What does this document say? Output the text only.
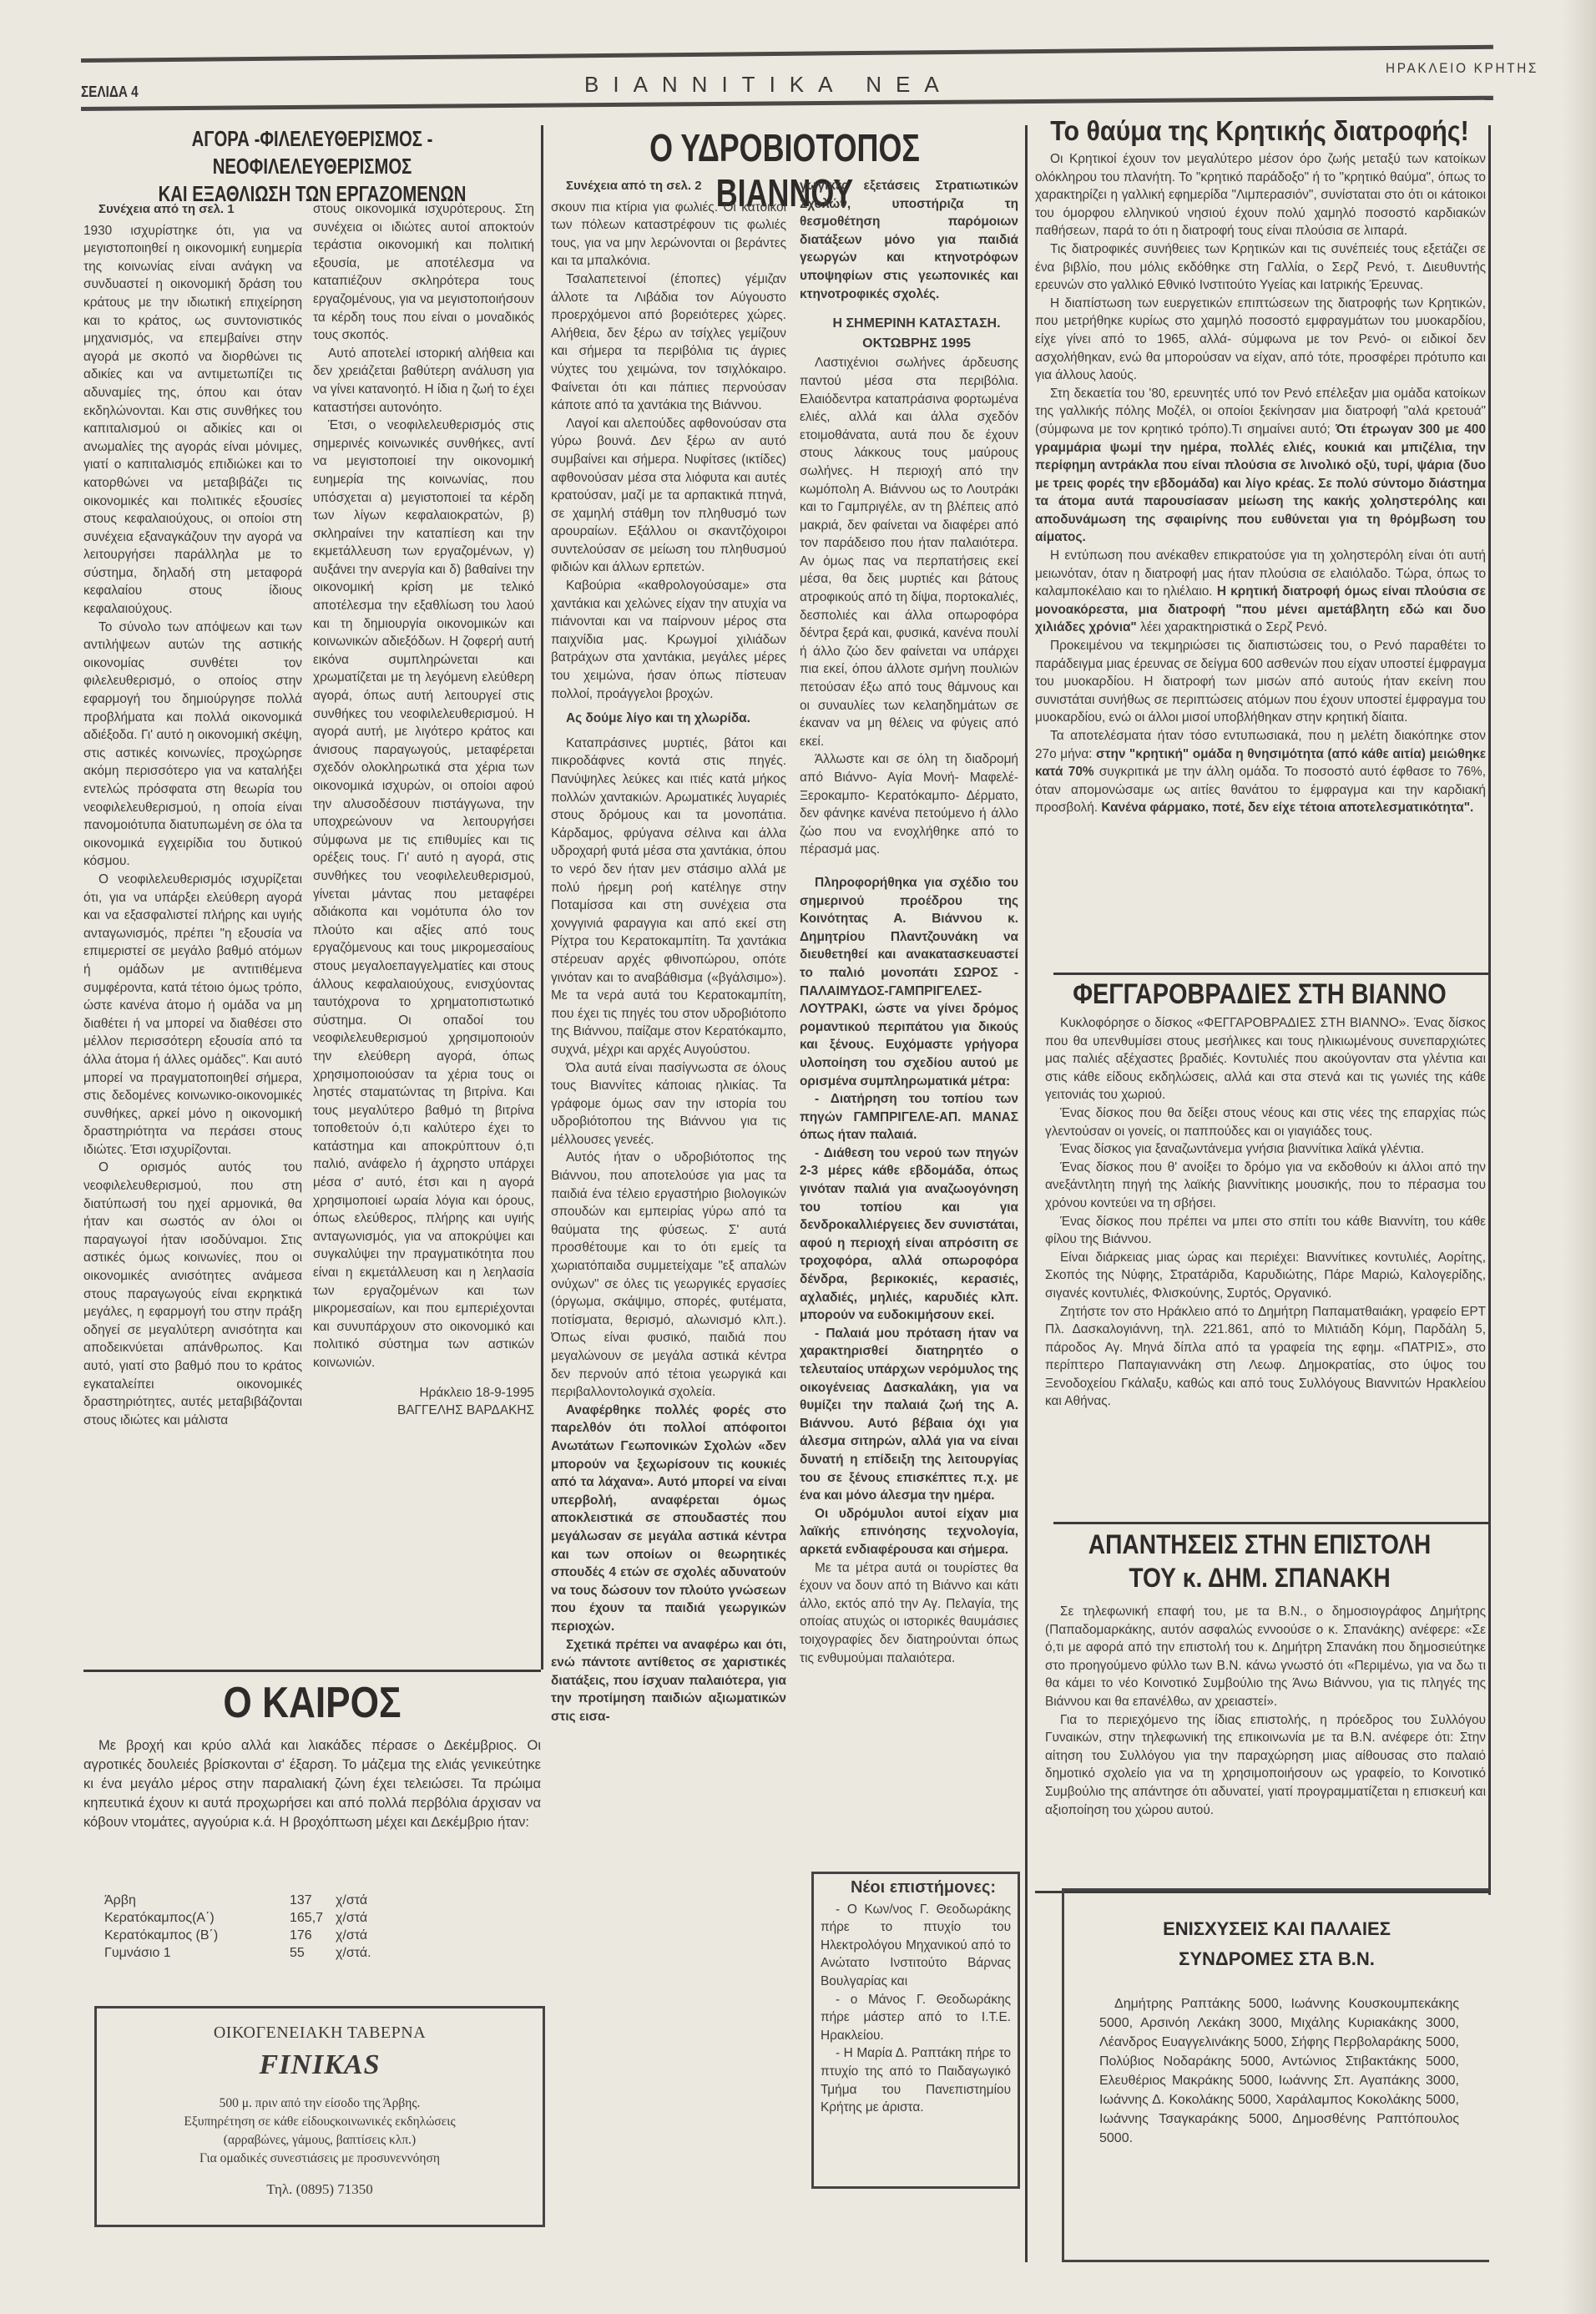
ΣΕΛΙΔΑ 4	ΒΙΑΝΝΙΤΙΚΑ ΝΕΑ
ΗΡΑΚΛΕΙΟ ΚΡΗΤΗΣ
ΑΓΟΡΑ -ΦΙΛΕΛΕΥΘΕΡΙΣΜΟΣ - ΝΕΟΦΙΛΕΛΕΥΘΕΡΙΣΜΟΣ
ΚΑΙ ΕΞΑΘΛΙΩΣΗ ΤΩΝ ΕΡΓΑΖΟΜΕΝΩΝ

Συνέχεια από τη σελ. 1

1930 ισχυρίστηκε ότι, για να μεγιστοποιηθεί η οικονομική ευημερία της κοινωνίας είναι ανάγκη να συνδυαστεί η οικονομική δράση του κράτους με την ιδιωτική επιχείρηση και το κράτος, ως συντονιστικός μηχανισμός, να επεμβαίνει στην αγορά με σκοπό να διορθώνει τις αδικίες και να αντιμετωπίζει τις αδυναμίες της, όπου και όταν εκδηλώνονται. Και στις συνθήκες του καπιταλισμού οι αδικίες και οι ανωμαλίες της αγοράς είναι μόνιμες, γιατί ο καπιταλισμός επιδιώκει και το κατορθώνει να μεταβιβάζει τις οικονομικές και πολιτικές εξουσίες στους κεφαλαιούχους, οι οποίοι στη συνέχεια εξαναγκάζουν την αγορά να λειτουργήσει παράλληλα με το σύστημα, δηλαδή στη μεταφορά κεφαλαίου στους ίδιους κεφαλαιούχους.

Το σύνολο των απόψεων και των αντιλήψεων αυτών της αστικής οικονομίας συνθέτει τον φιλελευθερισμό, ο οποίος στην εφαρμογή του δημιούργησε πολλά προβλήματα και πολλά οικονομικά αδιέξοδα. Γι' αυτό η οικονομική σκέψη, στις αστικές κοινωνίες, προχώρησε ακόμη περισσότερο για να καταλήξει εντελώς πρόσφατα στη θεωρία του νεοφιλελευθερισμού, η οποία είναι πανομοιότυπα διατυπωμένη σε όλα τα οικονομικά εγχειρίδια του δυτικού κόσμου.

Ο νεοφιλελευθερισμός ισχυρίζεται ότι, για να υπάρξει ελεύθερη αγορά και να εξασφαλιστεί πλήρης και υγιής ανταγωνισμός, πρέπει "η εξουσία να επιμεριστεί σε μεγάλο βαθμό ατόμων ή ομάδων με αντιτιθέμενα συμφέροντα, κατά τέτοιο όμως τρόπο, ώστε κανένα άτομο ή ομάδα να μη διαθέτει ή να μπορεί να διαθέσει στο μέλλον περισσότερη εξουσία από τα άλλα άτομα ή άλλες ομάδες". Και αυτό μπορεί να πραγματοποιηθεί σήμερα, στις δεδομένες κοινωνικο-οικονομικές συνθήκες, αρκεί μόνο η οικονομική δραστηριότητα να περάσει στους ιδιώτες. Έτσι ισχυρίζονται.

Ο ορισμός αυτός του νεοφιλελευθερισμού, που στη διατύπωσή του ηχεί αρμονικά, θα ήταν και σωστός αν όλοι οι παραγωγοί ήταν ισοδύναμοι. Στις αστικές όμως κοινωνίες, που οι οικονομικές ανισότητες ανάμεσα στους παραγωγούς είναι εκρηκτικά μεγάλες, η εφαρμογή του στην πράξη οδηγεί σε μεγαλύτερη ανισότητα και αποδεικνύεται απάνθρωπος. Και αυτό, γιατί στο βαθμό που το κράτος εγκαταλείπει οικονομικές δραστηριότητες, αυτές μεταβιβάζονται στους ιδιώτες και μάλιστα

στους οικονομικά ισχυρότερους. Στη συνέχεια οι ιδιώτες αυτοί αποκτούν τεράστια οικονομική και πολιτική εξουσία, με αποτέλεσμα να καταπιέζουν σκληρότερα τους εργαζομένους, για να μεγιστοποιήσουν τα κέρδη τους που είναι ο μοναδικός τους σκοπός.

Αυτό αποτελεί ιστορική αλήθεια και δεν χρειάζεται βαθύτερη ανάλυση για να γίνει κατανοητό. Η ίδια η ζωή το έχει καταστήσει αυτονόητο.

Έτσι, ο νεοφιλελευθερισμός στις σημερινές κοινωνικές συνθήκες, αντί να μεγιστοποιεί την οικονομική ευημερία της κοινωνίας, που υπόσχεται α) μεγιστοποιεί τα κέρδη των λίγων κεφαλαιοκρατών, β) σκληραίνει την καταπίεση και την εκμετάλλευση των εργαζομένων, γ) αυξάνει την ανεργία και δ) βαθαίνει την οικονομική κρίση με τελικό αποτέλεσμα την εξαθλίωση του λαού και τη δημιουργία οικονομικών και κοινωνικών αδιεξόδων. Η ζοφερή αυτή εικόνα συμπληρώνεται και χρωματίζεται με τη λεγόμενη ελεύθερη αγορά, όπως αυτή λειτουργεί στις συνθήκες του νεοφιλελευθερισμού. Η αγορά αυτή, με λιγότερο κράτος και άνισους παραγωγούς, μεταφέρεται σχεδόν ολοκληρωτικά στα χέρια των οικονομικά ισχυρών, οι οποίοι αφού την αλυσοδέσουν πιστάγγωνα, την υποχρεώνουν να λειτουργήσει σύμφωνα με τις επιθυμίες και τις ορέξεις τους. Γι' αυτό η αγορά, στις συνθήκες του νεοφιλελευθερισμού, γίνεται μάντας που μεταφέρει αδιάκοπα και νομότυπα όλο τον πλούτο και αξίες από τους εργαζόμενους και τους μικρομεσαίους στους μεγαλοεπαγγελματίες και στους άλλους κεφαλαιούχους, ενισχύοντας ταυτόχρονα το χρηματοπιστωτικό σύστημα. Οι οπαδοί του νεοφιλελευθερισμού χρησιμοποιούν την ελεύθερη αγορά, όπως χρησιμοποιούσαν τα χέρια τους οι ληστές σταματώντας τη βιτρίνα. Και τους μεγαλύτερο βαθμό τη βιτρίνα τοποθετούν ό,τι καλύτερο έχει το κατάστημα και αποκρύπτουν ό,τι παλιό, ανάφελο ή άχρηστο υπάρχει μέσα σ' αυτό, έτσι και η αγορά χρησιμοποιεί ωραία λόγια και όρους, όπως ελεύθερος, πλήρης και υγιής ανταγωνισμός, για να αποκρύψει και συγκαλύψει την πραγματικότητα που είναι η εκμετάλλευση και η λεηλασία των εργαζομένων και των μικρομεσαίων, και που εμπεριέχονται και συνυπάρχουν στο οικονομικό και πολιτικό σύστημα των αστικών κοινωνιών.

Ηράκλειο 18-9-1995

ΒΑΓΓΕΛΗΣ ΒΑΡΔΑΚΗΣ

Ο ΚΑΙΡΟΣ

Με βροχή και κρύο αλλά και λιακάδες πέρασε ο Δεκέμβριος. Οι αγροτικές δουλειές βρίσκονται σ' έξαρση. Το μάζεμα της ελιάς γενικεύτηκε κι ένα μεγάλο μέρος στην παραλιακή ζώνη έχει τελειώσει. Τα πρώιμα κηπευτικά έχουν κι αυτά προχωρήσει και από πολλά περβόλια άρχισαν να κόβουν ντομάτες, αγγούρια κ.ά. Η βροχόπτωση μέχει και Δεκέμβριο ήταν:

Άρβη	137	χ/στά
Κερατόκαμπος(Α΄)	165,7 χ/στά
Κερατόκαμπος (Β΄)	176	χ/στά
Γυμνάσιο 1	55	χ/στά.
ΟΙΚΟΓΕΝΕΙΑΚΗ ΤΑΒΕΡΝΑ
FINIKAS
500 μ. πριν από την είσοδο της Άρβης.
Εξυπηρέτηση σε κάθε είδουςκοινωνικές εκδηλώσεις
(αρραβώνες, γάμους, βαπτίσεις κλπ.)
Για ομαδικές συνεστιάσεις με προσυνεννόηση
Τηλ. (0895) 71350
Ο ΥΔΡΟΒΙΟΤΟΠΟΣ ΒΙΑΝΝΟΥ

Συνέχεια από τη σελ. 2

σκουν πια κτίρια για φωλιές. Οι κάτοικοι των πόλεων καταστρέφουν τις φωλιές τους, για να μην λερώνονται οι βεράντες και τα μπαλκόνια.

Τσαλαπετεινοί (έποπες) γέμιζαν άλλοτε τα Λιβάδια τον Αύγουστο προερχόμενοι από βορειότερες χώρες. Αλήθεια, δεν ξέρω αν τσίχλες γεμίζουν και σήμερα τα περιβόλια τις άγριες νύχτες του χειμώνα, τον τσιχλόκαιρο. Φαίνεται ότι και πάπιες περνούσαν κάποτε από τα χαντάκια της Βιάννου.

Λαγοί και αλεπούδες αφθονούσαν στα γύρω βουνά. Δεν ξέρω αν αυτό συμβαίνει και σήμερα. Νυφίτσες (ικτίδες) αφθονούσαν μέσα στα λιόφυτα και αυτές κρατούσαν, μαζί με τα αρπακτικά πτηνά, σε χαμηλή στάθμη τον πληθυσμό των αρουραίων. Εξάλλου οι σκαντζόχοιροι συντελούσαν σε μείωση του πληθυσμού φιδιών και άλλων ερπετών.

Καβούρια «καθρολογούσαμε» στα χαντάκια και χελώνες είχαν την ατυχία να πιάνονται και να παίρνουν μέρος στα παιχνίδια μας. Κρωγμοί χιλιάδων βατράχων στα χαντάκια, μεγάλες μέρες του χειμώνα, ήσαν όπως πίστευαν πολλοί, προάγγελοι βροχών.

Ας δούμε λίγο και τη χλωρίδα.

Καταπράσινες μυρτιές, βάτοι και πικροδάφνες κοντά στις πηγές. Πανύψηλες λεύκες και ιτιές κατά μήκος πολλών χαντακιών. Αρωματικές λυγαριές στους δρόμους και τα μονοπάτια. Κάρδαμος, φρύγανα σέλινα και άλλα υδροχαρή φυτά μέσα στα χαντάκια, όπου το νερό δεν ήταν μεν στάσιμο αλλά με πολύ ήρεμη ροή κατέληγε στην Ποταμίσσα και στη συνέχεια στα χονγγινιά φαραγγια και από εκεί στη Ρίχτρα του Κερατοκαμπίτη. Τα χαντάκια στέρευαν αρχές φθινοπώρου, οπότε γινόταν και το αναβάθισμα («βγάλσιμο»). Με τα νερά αυτά του Κερατοκαμπίτη, που έχει τις πηγές του στον υδροβιότοπο της Βιάννου, παίζαμε στον Κερατόκαμπο, συχνά, μέχρι και αρχές Αυγούστου.

Όλα αυτά είναι πασίγνωστα σε όλους τους Βιαννίτες κάποιας ηλικίας. Τα γράφομε όμως σαν την ιστορία του υδροβιότοπου της Βιάννου για τις μέλλουσες γενεές.

Αυτός ήταν ο υδροβιότοπος της Βιάννου, που αποτελούσε για μας τα παιδιά ένα τέλειο εργαστήριο βιολογικών σπουδών και εμπειρίας γύρω από τα θαύματα της φύσεως. Σ' αυτά προσθέτουμε και το ότι εμείς τα χωριατόπαιδα συμμετείχαμε "εξ απαλών ονύχων" σε όλες τις γεωργικές εργασίες (όργωμα, σκάψιμο, σπορές, φυτέματα, ποτίσματα, θερισμό, αλωνισμό κλπ.). Όπως είναι φυσικό, παιδιά που μεγαλώνουν σε μεγάλα αστικά κέντρα δεν περνούν από τέτοια γεωργικά και περιβαλλοντολογικά σχολεία.

Αναφέρθηκε πολλές φορές στο παρελθόν ότι πολλοί απόφοιτοι Ανωτάτων Γεωπονικών Σχολών «δεν μπορούν να ξεχωρίσουν τις κουκιές από τα λάχανα». Αυτό μπορεί να είναι υπερβολή, αναφέρεται όμως αποκλειστικά σε σπουδαστές που μεγάλωσαν σε μεγάλα αστικά κέντρα και των οποίων οι θεωρητικές σπουδές 4 ετών σε σχολές αδυνατούν να τους δώσουν τον πλούτο γνώσεων που έχουν τα παιδιά γεωργικών περιοχών.

Σχετικά πρέπει να αναφέρω και ότι, ενώ πάντοτε αντίθετος σε χαριστικές διατάξεις, που ίσχυαν παλαιότερα, για την προτίμηση παιδιών αξιωματικών στις εισα-

γωγικές εξετάσεις Στρατιωτικών Σχολών, υποστήριζα τη θεσμοθέτηση παρόμοιων διατάξεων μόνο για παιδιά γεωργών και κτηνοτρόφων υποψηφίων στις γεωπονικές και κτηνοτροφικές σχολές.

Η ΣΗΜΕΡΙΝΗ ΚΑΤΑΣΤΑΣΗ.

ΟΚΤΩΒΡΗΣ 1995

Λαστιχένιοι σωλήνες άρδευσης παντού μέσα στα περιβόλια. Ελαιόδεντρα καταπράσινα φορτωμένα ελιές, αλλά και άλλα σχεδόν ετοιμοθάνατα, αυτά που δε έχουν στους λάκκους τους μαύρους σωλήνες. Η περιοχή από την κωμόπολη Α. Βιάννου ως το Λουτράκι και το Γαμπριγέλε, αν τη βλέπεις από μακριά, δεν φαίνεται να διαφέρει από τον παράδεισο που ήταν παλαιότερα. Αν όμως πας να περπατήσεις εκεί μέσα, θα δεις μυρτιές και βάτους ατροφικούς από τη δίψα, πορτοκαλιές, δεσπολιές και άλλα οπωροφόρα δέντρα ξερά και, φυσικά, κανένα πουλί ή άλλο ζώο δεν φαίνεται να υπάρχει πια εκεί, όπου άλλοτε σμήνη πουλιών πετούσαν έξω από τους θάμνους και οι συναυλίες των κελαηδημάτων σε έκαναν να μη θέλεις να φύγεις από εκεί.

Άλλωστε και σε όλη τη διαδρομή από Βιάννο- Αγία Μονή- Μαφελέ- Ξεροκαμπο- Κερατόκαμπο- Δέρματο, δεν φάνηκε κανένα πετούμενο ή άλλο ζώο που να ενοχλήθηκε από το πέρασμά μας.

Πληροφορήθηκα για σχέδιο του σημερινού προέδρου της Κοινότητας Α. Βιάννου κ. Δημητρίου Πλαντζουνάκη να διευθετηθεί και ανακατασκευαστεί το παλιό μονοπάτι ΣΩΡΟΣ - ΠΑΛΑΙΜΥΔΟΣ-ΓΑΜΠΡΙΓΕΛΕΣ- ΛΟΥΤΡΑΚΙ, ώστε να γίνει δρόμος ρομαντικού περιπάτου για δικούς και ξένους. Ευχόμαστε γρήγορα υλοποίηση του σχεδίου αυτού με ορισμένα συμπληρωματικά μέτρα:

- Διατήρηση του τοπίου των πηγών ΓΑΜΠΡΙΓΕΛΕ-ΑΠ. ΜΑΝΑΣ όπως ήταν παλαιά.

- Διάθεση του νερού των πηγών 2-3 μέρες κάθε εβδομάδα, όπως γινόταν παλιά για αναζωογόνηση του τοπίου και για δενδροκαλλιέργειες δεν συνιστάται, αφού η περιοχή είναι απρόσιτη σε τροχοφόρα, αλλά οπωροφόρα δένδρα, βερικοκιές, κερασιές, αχλαδιές, μηλιές, καρυδιές κλπ. μπορούν να ευδοκιμήσουν εκεί.

- Παλαιά μου πρόταση ήταν να χαρακτηρισθεί διατηρητέο ο τελευταίος υπάρχων νερόμυλος της οικογένειας Δασκαλάκη, για να θυμίζει την παλαιά ζωή της Α. Βιάννου. Αυτό βέβαια όχι για άλεσμα σιτηρών, αλλά για να είναι δυνατή η επίδειξη της λειτουργίας του σε ξένους επισκέπτες π.χ. με ένα και μόνο άλεσμα την ημέρα.

Οι υδρόμυλοι αυτοί είχαν μια λαϊκής επινόησης τεχνολογία, αρκετά ενδιαφέρουσα και σήμερα.

Με τα μέτρα αυτά οι τουρίστες θα έχουν να δουν από τη Βιάννο και κάτι άλλο, εκτός από την Αγ. Πελαγία, της οποίας ατυχώς οι ιστορικές θαυμάσιες τοιχογραφίες δεν διατηρούνται όπως τις ενθυμούμαι παλαιότερα.

Νέοι επιστήμονες:

- Ο Κων/νος Γ. Θεοδωράκης πήρε το πτυχίο του Ηλεκτρολόγου Μηχανικού από το Ανώτατο Ινστιτούτο Βάρνας Βουλγαρίας και

- ο Μάνος Γ. Θεοδωράκης πήρε μάστερ από το Ι.Τ.Ε. Ηρακλείου.

- Η Μαρία Δ. Ραπτάκη πήρε το πτυχίο της από το Παιδαγωγικό Τμήμα του Πανεπιστημίου Κρήτης με άριστα.

Το θαύμα της Κρητικής διατροφής!

Οι Κρητικοί έχουν τον μεγαλύτερο μέσον όρο ζωής μεταξύ των κατοίκων ολόκληρου του πλανήτη. Το "κρητικό παράδοξο" ή το "κρητικό θαύμα", όπως το χαρακτηρίζει η γαλλική εφημερίδα "Λιμπερασιόν", συνίσταται στο ότι οι κάτοικοι του όμορφου ελληνικού νησιού έχουν πολύ χαμηλό ποσοστό καρδιακών παθήσεων, παρά το ότι η διατροφή τους είναι πλούσια σε λιπαρά.

Τις διατροφικές συνήθειες των Κρητικών και τις συνέπειές τους εξετάζει σε ένα βιβλίο, που μόλις εκδόθηκε στη Γαλλία, ο Σερζ Ρενό, τ. Διευθυντής ερευνών στο γαλλικό Εθνικό Ινστιτούτο Υγείας και Ιατρικής Έρευνας.

Η διαπίστωση των ευεργετικών επιπτώσεων της διατροφής των Κρητικών, που μετρήθηκε κυρίως στο χαμηλό ποσοστό εμφραγμάτων του μυοκαρδίου, είχε γίνει από το 1965, αλλά- σύμφωνα με τον Ρενό- οι ειδικοί δεν ασχολήθηκαν, ενώ θα μπορούσαν να είχαν, από τότε, προσφέρει πρότυπο και για άλλους λαούς.

Στη δεκαετία του '80, ερευνητές υπό τον Ρενό επέλεξαν μια ομάδα κατοίκων της γαλλικής πόλης Μοζέλ, οι οποίοι ξεκίνησαν μια διατροφή "αλά κρετουά" (σύμφωνα με τον κρητικό τρόπο).Τι σημαίνει αυτό; Ότι έτρωγαν 300 με 400 γραμμάρια ψωμί την ημέρα, πολλές ελιές, κουκιά και μπιζέλια, την περίφημη αντράκλα που είναι πλούσια σε λινολικό οξύ, τυρί, ψάρια (δυο με τρεις φορές την εβδομάδα) και λίγο κρέας. Σε πολύ σύντομο διάστημα τα άτομα αυτά παρουσίασαν μείωση της κακής χοληστερόλης και αποδυνάμωση της σφαιρίνης που ευθύνεται για τη θρόμβωση του αίματος.

Η εντύπωση που ανέκαθεν επικρατούσε για τη χοληστερόλη είναι ότι αυτή μειωνόταν, όταν η διατροφή μας ήταν πλούσια σε ελαιόλαδο. Τώρα, όπως το καλαμποκέλαιο και το ηλιέλαιο. Η κρητική διατροφή όμως είναι πλούσια σε μονοακόρεστα, μια διατροφή "που μένει αμετάβλητη εδώ και δυο χιλιάδες χρόνια" λέει χαρακτηριστικά ο Σερζ Ρενό.

Προκειμένου να τεκμηριώσει τις διαπιστώσεις του, ο Ρενό παραθέτει το παράδειγμα μιας έρευνας σε δείγμα 600 ασθενών που είχαν υποστεί έμφραγμα του μυοκαρδίου. Η διατροφή των μισών από αυτούς ήταν εκείνη που συνιστάται συνήθως σε περιπτώσεις ατόμων που έχουν υποστεί έμφραγμα του μυοκαρδίου, ενώ οι άλλοι μισοί υποβλήθηκαν στην κρητική δίαιτα.

Τα αποτελέσματα ήταν τόσο εντυπωσιακά, που η μελέτη διακόπηκε στον 27ο μήνα: στην "κρητική" ομάδα η θνησιμότητα (από κάθε αιτία) μειώθηκε κατά 70% συγκριτικά με την άλλη ομάδα. Το ποσοστό αυτό έφθασε το 76%, όταν απομονώσαμε ως αιτίες θανάτου το έμφραγμα και την καρδιακή προσβολή. Κανένα φάρμακο, ποτέ, δεν είχε τέτοια αποτελεσματικότητα".

ΦΕΓΓΑΡΟΒΡΑΔΙΕΣ ΣΤΗ ΒΙΑΝΝΟ

Κυκλοφόρησε ο δίσκος «ΦΕΓΓΑΡΟΒΡΑΔΙΕΣ ΣΤΗ ΒΙΑΝΝΟ». Ένας δίσκος που θα υπενθυμίσει στους μεσήλικες και τους ηλικιωμένους συνεπαρχιώτες μας παλιές αξέχαστες βραδιές. Κοντυλιές που ακούγονταν στα γλέντια και στις κάθε είδους εκδηλώσεις, αλλά και στα στενά και τις γωνιές της κάθε γειτονιάς του χωριού.

Ένας δίσκος που θα δείξει στους νέους και στις νέες της επαρχίας πώς γλεντούσαν οι γονείς, οι παππούδες και οι γιαγιάδες τους.

Ένας δίσκος για ξαναζωντάνεμα γνήσια βιαννίτικα λαϊκά γλέντια.

Ένας δίσκος που θ' ανοίξει το δρόμο για να εκδοθούν κι άλλοι από την ανεξάντλητη πηγή της λαϊκής βιαννίτικης μουσικής, που το πέρασμα του χρόνου κοντεύει να τη σβήσει.

Ένας δίσκος που πρέπει να μπει στο σπίτι του κάθε Βιαννίτη, του κάθε φίλου της Βιάννου.

Είναι διάρκειας μιας ώρας και περιέχει: Βιαννίτικες κοντυλιές, Αορίτης, Σκοπός της Νύφης, Στρατάριδα, Καρυδιώτης, Πάρε Μαριώ, Καλογερίδης, σιγανές κοντυλιές, Φλισκούνης, Συρτός, Οργανικό.

Ζητήστε τον στο Ηράκλειο από το Δημήτρη Παπαματθαιάκη, γραφείο ΕΡΤ Πλ. Δασκαλογιάννη, τηλ. 221.861, από το Μιλτιάδη Κόμη, Παρδάλη 5, πάροδος Αγ. Μηνά δίπλα από τα γραφεία της εφημ. «ΠΑΤΡΙΣ», στο περίπτερο Παπαγιαννάκη στη Λεωφ. Δημοκρατίας, στο ύψος του Ξενοδοχείου Γκάλαξυ, καθώς και από τους Συλλόγους Βιαννιτών Ηρακλείου και Αθήνας.

ΑΠΑΝΤΗΣΕΙΣ ΣΤΗΝ ΕΠΙΣΤΟΛΗ
ΤΟΥ κ. ΔΗΜ. ΣΠΑΝΑΚΗ

Σε τηλεφωνική επαφή του, με τα Β.Ν., ο δημοσιογράφος Δημήτρης (Παπαδομαρκάκης, αυτόν ασφαλώς εννοούσε ο κ. Σπανάκης) ανέφερε: «Σε ό,τι με αφορά από την επιστολή του κ. Δημήτρη Σπανάκη που δημοσιεύτηκε στο προηγούμενο φύλλο των Β.Ν. κάνω γνωστό ότι «Περιμένω, για να δω τι θα κάμει το νέο Κοινοτικό Συμβούλιο της Άνω Βιάννου, για τις πληγές της Βιάννου και θα επανέλθω, αν χρειαστεί».

Για το περιεχόμενο της ίδιας επιστολής, η πρόεδρος του Συλλόγου Γυναικών, στην τηλεφωνική της επικοινωνία με τα Β.Ν. ανέφερε ότι: Στην αίτηση του Συλλόγου για την παραχώρηση μιας αίθουσας στο παλαιό δημοτικό σχολείο για να τη χρησιμοποιήσουν ως γραφείο, το Κοινοτικό Συμβούλιο της απάντησε ότι αδυνατεί, γιατί προγραμματίζεται η επισκευή και αξιοποίηση του χώρου αυτού.

ΕΝΙΣΧΥΣΕΙΣ ΚΑΙ ΠΑΛΑΙΕΣ
ΣΥΝΔΡΟΜΕΣ ΣΤΑ Β.Ν.
Δημήτρης Ραπτάκης 5000, Ιωάννης Κουσκουμπεκάκης 5000, Αρσινόη Λεκάκη 3000, Μιχάλης Κυριακάκης 3000, Λέανδρος Ευαγγελινάκης 5000, Σήφης Περβολαράκης 5000, Πολύβιος Νοδαράκης 5000, Αντώνιος Στιβακτάκης 5000, Ελευθέριος Μακράκης 5000, Ιωάννης Σπ. Αγαπάκης 3000, Ιωάννης Δ. Κοκολάκης 5000, Χαράλαμπος Κοκολάκης 5000, Ιωάννης Τσαγκαράκης 5000, Δημοσθένης Ραπτόπουλος 5000.
